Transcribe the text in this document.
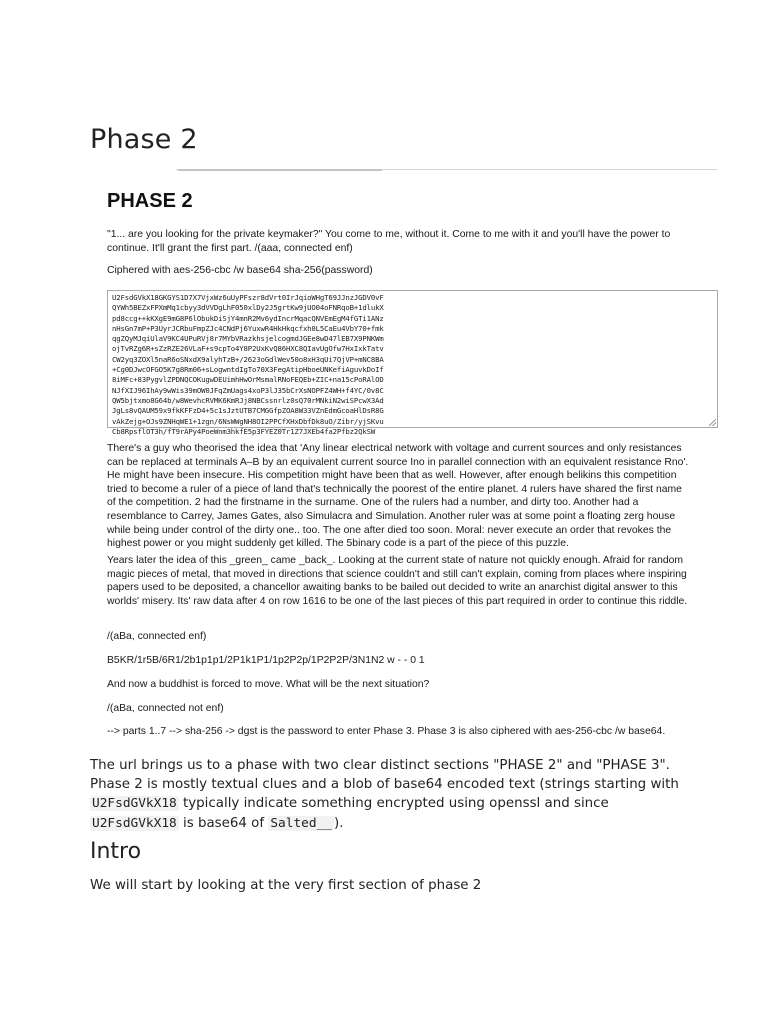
Phase 2
PHASE 2
"1... are you looking for the private keymaker?" You come to me, without it. Come to me with it and you'll have the power to continue. It'll grant the first part. /(aaa, connected enf)
Ciphered with aes-256-cbc /w base64 sha-256(password)
U2FsdGVkX18GKGYS1D7X7VjxWz6uUyPFszr8dVrt0IrJqioWHgT69JJnzJGDV0vF
QYWh5BEZxFPXmMq1cbyy3dVVDgLhF050xlDy2J5grtKw9jUO04oFNRqoB+1dlukX
pd8ccg++kKXgE9mG8P6lObukDiSjY4mnR2Mv6ydIncrMqacQNVEmEgM4fGTi1ANz
nHsGn7mP+P3UyrJCRbuFmpZJc4CNdPj6YuxwR4HkHkqcfxh0L5CaEu4VbY70+fmk
qgZQyMJqiUlaV9KC4UPuRVj8r7MYbVRazkhsjelcogmdJGEe8wD47lEB7X9PNKWm
ojTvRZg6R+sZzRZE26VLaF+s9cpTo4Y8P2UxKvQ86HXC8QIavUgOfw7HxIxkTatv
CW2yq3ZOXl5naR6oSNxdX9alyhTzB+/2623oGdlWev50o8xH3qUi7QjVP+mNC8BA
+Cg0DJwcOFGO5K7g8Rm06+sLogwntdIgTo70X3FegAtipHboeUNKefiAguvkDoIf
8iMFc+83PygvlZPDNQCOKugwDEUimhHwOrMsmalRNoFEQEb+ZIC+na15cPoRAlOD
NJfXIJ96IhAy9wWis39mOW0JFqZmUags4xoP3lJ35bCrXsNOPFZ4WH+f4YC/0v8C
QW5bjtxmo8G64b/w8WevhcRVMK6KmRJj8NBCssnrlz0sQ70rMNkiN2wiSPcwX3Ad
JgLs8vQAUM59x9fkKFFzD4+5c1sJztUTB7CMGGfpZOA8W33VZnEdmGcoaHlDsR8G
vAkZejg+OJs9ZNHqWE1+1zgn/6NsWWgNH8OI2PPCfXHxDbfDk8uO/Zibr/yjSKvu
Cb8RpsflOT3h/fT9rAPy4PoeWnm3hkfE5p3FYEZ0Tr1Z7JXEb4fa2Pfbz2QkSW
There's a guy who theorised the idea that 'Any linear electrical network with voltage and current sources and only resistances can be replaced at terminals A–B by an equivalent current source Ino in parallel connection with an equivalent resistance Rno'. He might have been insecure. His competition might have been that as well. However, after enough belikins this competition tried to become a ruler of a piece of land that's technically the poorest of the entire planet. 4 rulers have shared the first name of the competition. 2 had the firstname in the surname. One of the rulers had a number, and dirty too. Another had a resemblance to Carrey, James Gates, also Simulacra and Simulation. Another ruler was at some point a floating zerg house while being under control of the dirty one.. too. The one after died too soon. Moral: never execute an order that revokes the highest power or you might suddenly get killed. The 5binary code is a part of the piece of this puzzle.
Years later the idea of this _green_ came _back_. Looking at the current state of nature not quickly enough. Afraid for random magic pieces of metal, that moved in directions that science couldn't and still can't explain, coming from places where inspiring papers used to be deposited, a chancellor awaiting banks to be bailed out decided to write an anarchist digital answer to this worlds' misery. Its' raw data after 4 on row 1616 to be one of the last pieces of this part required in order to continue this riddle.
/(aBa, connected enf)
B5KR/1r5B/6R1/2b1p1p1/2P1k1P1/1p2P2p/1P2P2P/3N1N2 w - - 0 1
And now a buddhist is forced to move. What will be the next situation?
/(aBa, connected not enf)
--> parts 1..7 --> sha-256 -> dgst is the password to enter Phase 3. Phase 3 is also ciphered with aes-256-cbc /w base64.

The url brings us to a phase with two clear distinct sections "PHASE 2" and "PHASE 3". Phase 2 is mostly textual clues and a blob of base64 encoded text (strings starting with U2FsdGVkX18 typically indicate something encrypted using openssl and since U2FsdGVkX18 is base64 of Salted__ ).

Intro

We will start by looking at the very first section of phase 2
